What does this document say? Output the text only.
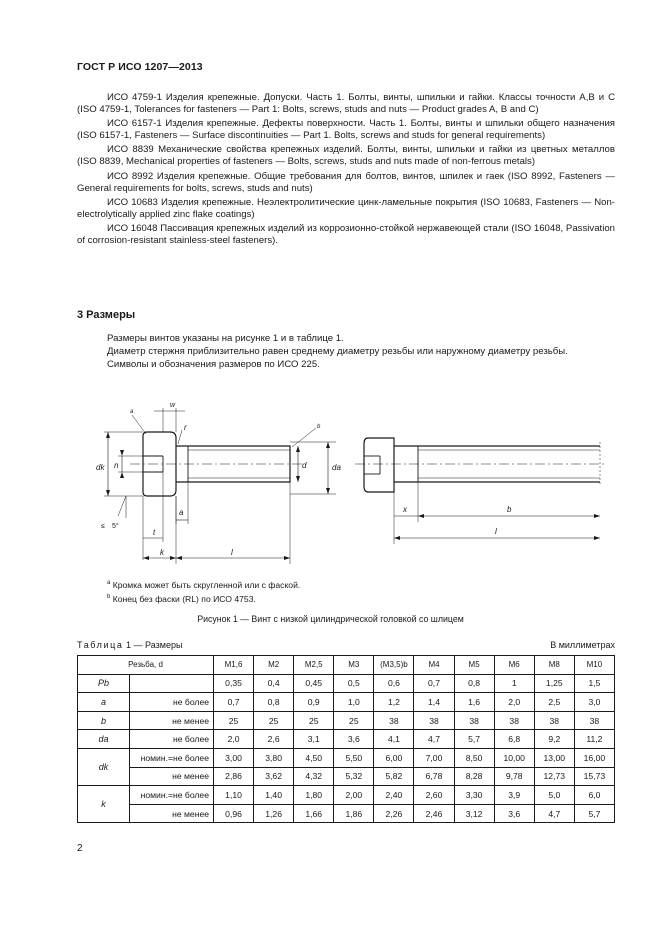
ГОСТ Р ИСО 1207—2013

ИСО 4759-1 Изделия крепежные. Допуски. Часть 1. Болты, винты, шпильки и гайки. Классы точности А,В и С (ISO 4759-1, Tolerances for fasteners — Part 1: Bolts, screws, studs and nuts — Product grades A, B and C)

ИСО 6157-1 Изделия крепежные. Дефекты поверхности. Часть 1. Болты, винты и шпильки общего назначения (ISO 6157-1, Fasteners — Surface discontinuities — Part 1. Bolts, screws and studs for general requirements)

ИСО 8839 Механические свойства крепежных изделий. Болты, винты, шпильки и гайки из цветных металлов (ISO 8839, Mechanical properties of fasteners — Bolts, screws, studs and nuts made of non-ferrous metals)

ИСО 8992 Изделия крепежные. Общие требования для болтов, винтов, шпилек и гаек (ISO 8992, Fasteners — General requirements for bolts, screws, studs and nuts)

ИСО 10683 Изделия крепежные. Неэлектролитические цинк-ламельные покрытия (ISO 10683, Fasteners — Non-electrolytically applied zinc flake coatings)

ИСО 16048 Пассивация крепежных изделий из коррозионно-стойкой нержавеющей стали (ISO 16048, Passivation of corrosion-resistant stainless-steel fasteners).

3 Размеры

Размеры винтов указаны на рисунке 1 и в таблице 1.

Диаметр стержня приблизительно равен среднему диаметру резьбы или наружному диаметру резьбы.

Символы и обозначения размеров по ИСО 225.

a
w
r	b
dk n	d	da
a
≤ 5°
t
k	l
x	b
l
$^a$ Кромка может быть скругленной или с фаской.
$^b$ Конец без фаски (RL) по ИСО 4753.
Рисунок 1 — Винт с низкой цилиндрической головкой со шлицем
Таблица 1 — Размеры	В миллиметрах
Резьба, d		M1,6	M2	M2,5	M3	(M3,5)b	M4	M5	M6	M8	M10
Pb		0,35	0,4	0,45	0,5	0,6	0,7	0,8	1	1,25	1,5
a	не более	0,7	0,8	0,9	1,0	1,2	1,4	1,6	2,0	2,5	3,0
b	не менее	25	25	25	25	38	38	38	38	38	38
da	не более	2,0	2,6	3,1	3,6	4,1	4,7	5,7	6,8	9,2	11,2
dk	номин.=не более	3,00	3,80	4,50	5,50	6,00	7,00	8,50	10,00	13,00	16,00
	не менее	2,86	3,62	4,32	5,32	5,82	6,78	8,28	9,78	12,73	15,73
k	номин.=не более	1,10	1,40	1,80	2,00	2,40	2,60	3,30	3,9	5,0	6,0
	не менее	0,96	1,26	1,66	1,86	2,26	2,46	3,12	3,6	4,7	5,7
2
